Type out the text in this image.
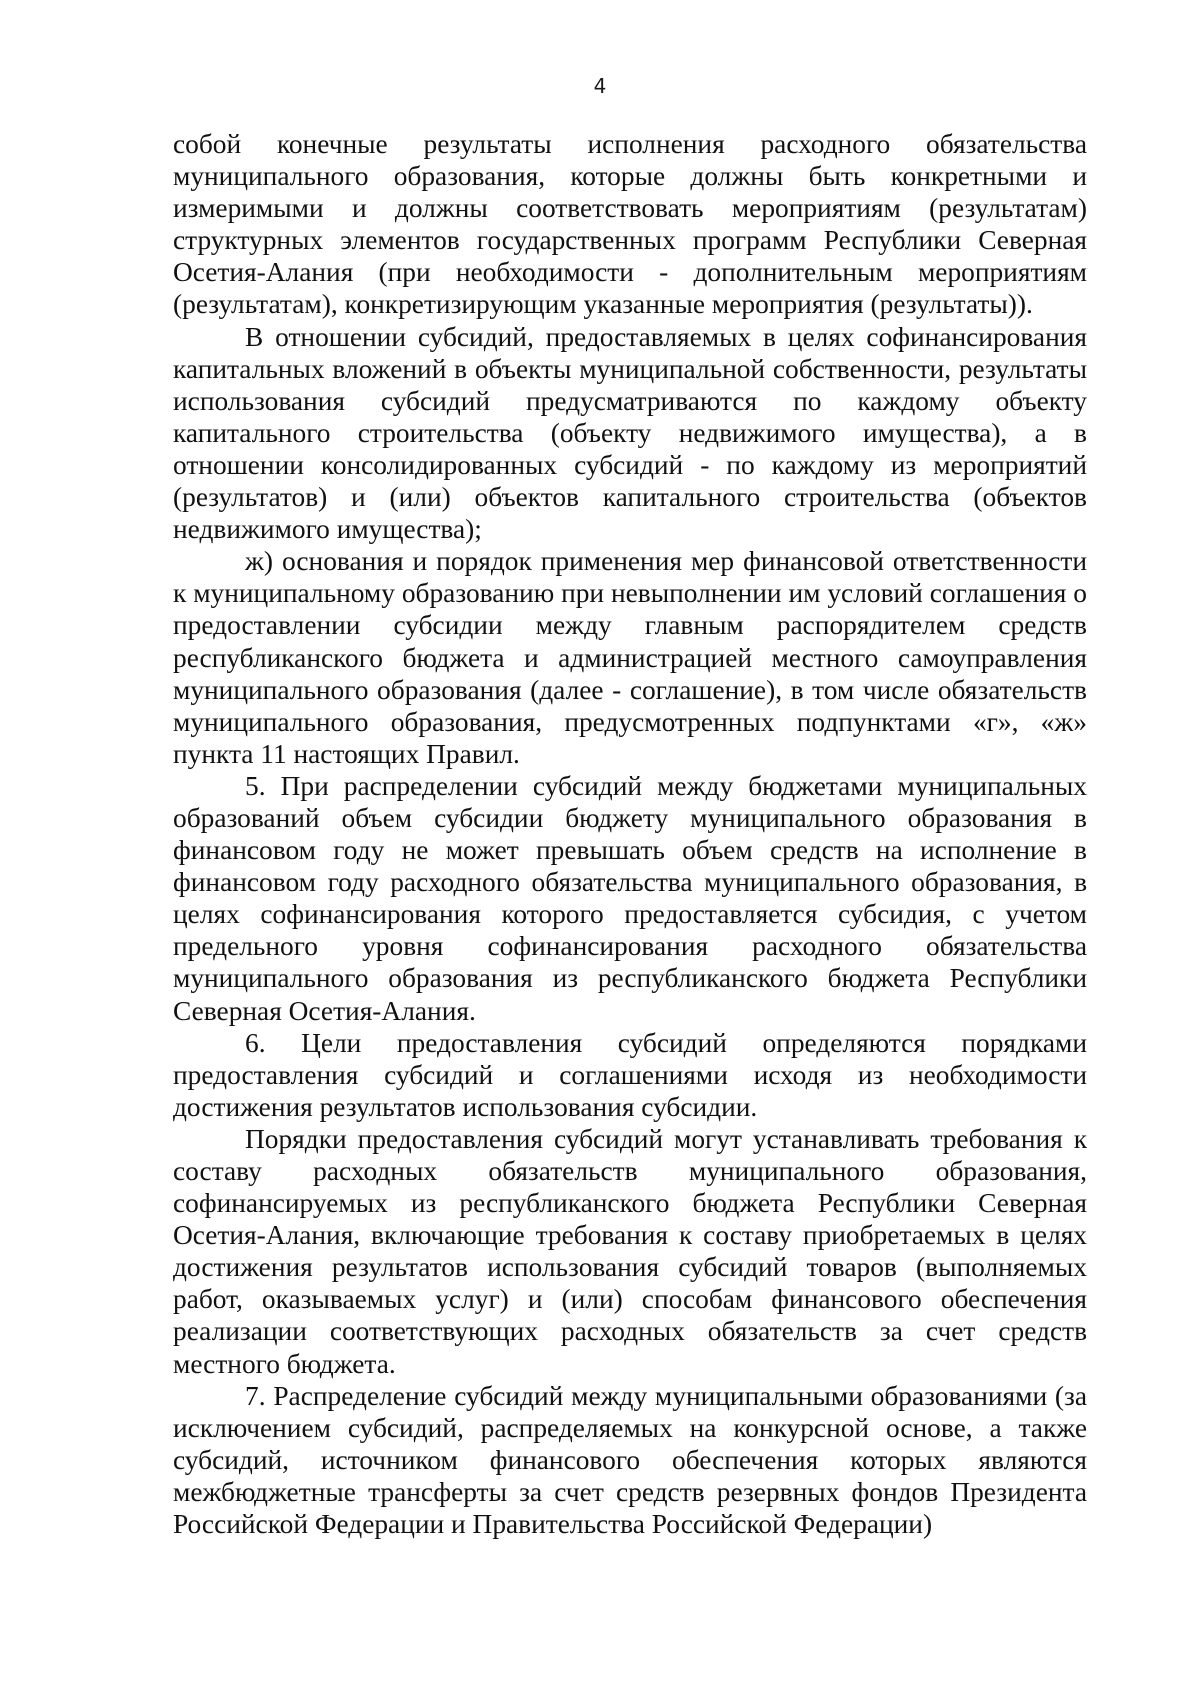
4

собой конечные результаты исполнения расходного обязательства муниципального образования, которые должны быть конкретными и измеримыми и должны соответствовать мероприятиям (результатам) структурных элементов государственных программ Республики Северная Осетия-Алания (при необходимости - дополнительным мероприятиям (результатам), конкретизирующим указанные мероприятия (результаты)).

В отношении субсидий, предоставляемых в целях софинансирования капитальных вложений в объекты муниципальной собственности, результаты использования субсидий предусматриваются по каждому объекту капитального строительства (объекту недвижимого имущества), а в отношении консолидированных субсидий - по каждому из мероприятий (результатов) и (или) объектов капитального строительства (объектов недвижимого имущества);

ж) основания и порядок применения мер финансовой ответственности к муниципальному образованию при невыполнении им условий соглашения о предоставлении субсидии между главным распорядителем средств республиканского бюджета и администрацией местного самоуправления муниципального образования (далее - соглашение), в том числе обязательств муниципального образования, предусмотренных подпунктами «г», «ж» пункта 11 настоящих Правил.

5. При распределении субсидий между бюджетами муниципальных образований объем субсидии бюджету муниципального образования в финансовом году не может превышать объем средств на исполнение в финансовом году расходного обязательства муниципального образования, в целях софинансирования которого предоставляется субсидия, с учетом предельного уровня софинансирования расходного обязательства муниципального образования из республиканского бюджета Республики Северная Осетия-Алания.

6. Цели предоставления субсидий определяются порядками предоставления субсидий и соглашениями исходя из необходимости достижения результатов использования субсидии.

Порядки предоставления субсидий могут устанавливать требования к составу расходных обязательств муниципального образования, софинансируемых из республиканского бюджета Республики Северная Осетия-Алания, включающие требования к составу приобретаемых в целях достижения результатов использования субсидий товаров (выполняемых работ, оказываемых услуг) и (или) способам финансового обеспечения реализации соответствующих расходных обязательств за счет средств местного бюджета.

7. Распределение субсидий между муниципальными образованиями (за исключением субсидий, распределяемых на конкурсной основе, а также субсидий, источником финансового обеспечения которых являются межбюджетные трансферты за счет средств резервных фондов Президента Российской Федерации и Правительства Российской Федерации)
